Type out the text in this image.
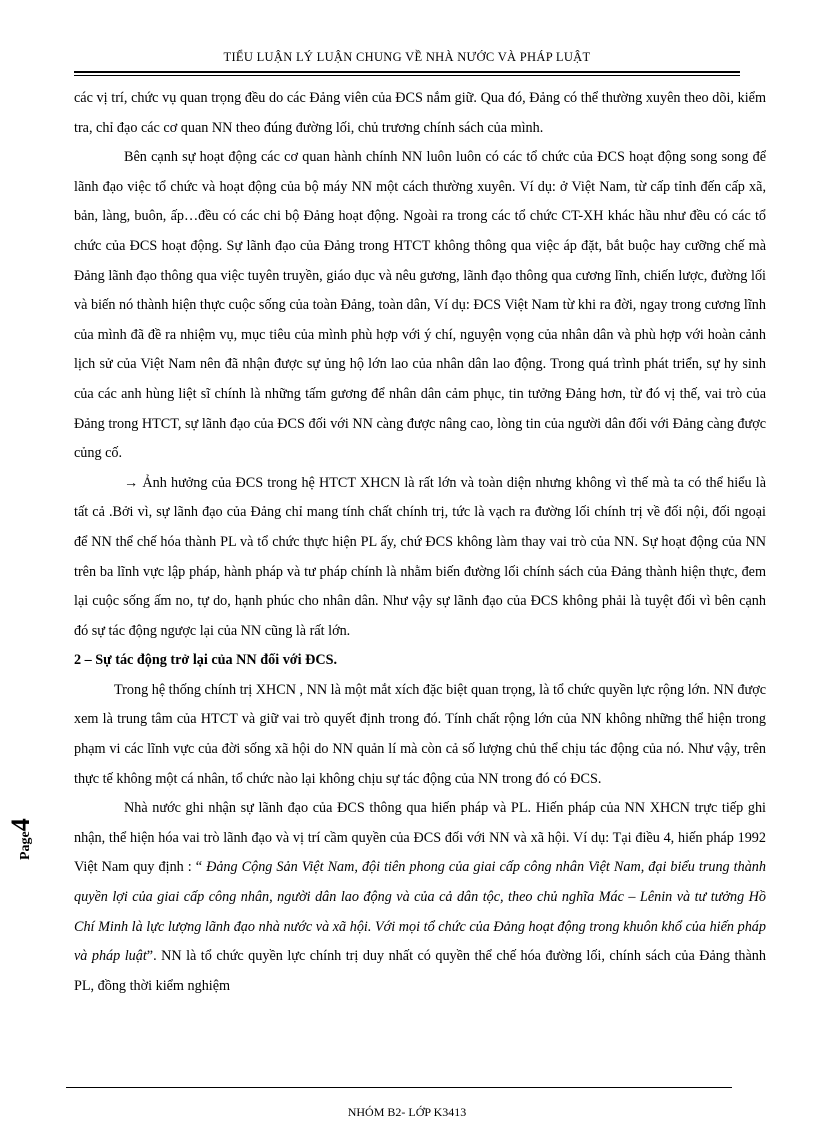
TIỂU LUẬN LÝ LUẬN CHUNG VỀ NHÀ NƯỚC VÀ PHÁP LUẬT

các vị trí, chức vụ quan trọng đều do các Đảng viên của ĐCS nắm giữ. Qua đó, Đảng có thể thường xuyên theo dõi, kiểm tra, chỉ đạo các cơ quan NN theo đúng đường lối, chủ trương chính sách của mình.

Bên cạnh sự hoạt động các cơ quan hành chính NN luôn luôn có các tổ chức của ĐCS hoạt động song song để lãnh đạo việc tổ chức và hoạt động của bộ máy NN một cách thường xuyên. Ví dụ: ở Việt Nam, từ cấp tỉnh đến cấp xã, bản, làng, buôn, ấp…đều có các chi bộ Đảng hoạt động. Ngoài ra trong các tổ chức CT-XH khác hầu như đều có các tổ chức của ĐCS hoạt động. Sự lãnh đạo của Đảng trong HTCT không thông qua việc áp đặt, bắt buộc hay cưỡng chế mà Đảng lãnh đạo thông qua việc tuyên truyền, giáo dục và nêu gương, lãnh đạo thông qua cương lĩnh, chiến lược, đường lối và biến nó thành hiện thực cuộc sống của toàn Đảng, toàn dân, Ví dụ: ĐCS Việt Nam từ khi ra đời, ngay trong cương lĩnh của mình đã đề ra nhiệm vụ, mục tiêu của mình phù hợp với ý chí, nguyện vọng của nhân dân và phù hợp với hoàn cảnh lịch sử của Việt Nam nên đã nhận được sự ủng hộ lớn lao của nhân dân lao động. Trong quá trình phát triển, sự hy sinh của các anh hùng liệt sĩ chính là những tấm gương để nhân dân cảm phục, tin tưởng Đảng hơn, từ đó vị thế, vai trò của Đảng trong HTCT, sự lãnh đạo của ĐCS đối với NN càng được nâng cao, lòng tin của người dân đối với Đảng càng được củng cố.

→ Ảnh hưởng của ĐCS trong hệ HTCT XHCN là rất lớn và toàn diện nhưng không vì thế mà ta có thể hiểu là tất cả .Bởi vì, sự lãnh đạo của Đảng chỉ mang tính chất chính trị, tức là vạch ra đường lối chính trị về đối nội, đối ngoại để NN thể chế hóa thành PL và tổ chức thực hiện PL ấy, chứ ĐCS không làm thay vai trò của NN. Sự hoạt động của NN trên ba lĩnh vực lập pháp, hành pháp và tư pháp chính là nhằm biến đường lối chính sách của Đảng thành hiện thực, đem lại cuộc sống ấm no, tự do, hạnh phúc cho nhân dân. Như vậy sự lãnh đạo của ĐCS không phải là tuyệt đối vì bên cạnh đó sự tác động ngược lại của NN cũng là rất lớn.

2 – Sự tác động trở lại của NN đối với ĐCS.

Trong hệ thống chính trị XHCN , NN là một mắt xích đặc biệt quan trọng, là tổ chức quyền lực rộng lớn. NN được xem là trung tâm của HTCT và giữ vai trò quyết định trong đó. Tính chất rộng lớn của NN không những thể hiện trong phạm vi các lĩnh vực của đời sống xã hội do NN quản lí mà còn cả số lượng chủ thể chịu tác động của nó. Như vậy, trên thực tế không một cá nhân, tổ chức nào lại không chịu sự tác động của NN trong đó có ĐCS.

Nhà nước ghi nhận sự lãnh đạo của ĐCS thông qua hiến pháp và PL. Hiến pháp của NN XHCN trực tiếp ghi nhận, thể hiện hóa vai trò lãnh đạo và vị trí cầm quyền của ĐCS đối với NN và xã hội. Ví dụ: Tại điều 4, hiến pháp 1992 Việt Nam quy định : “ Đảng Cộng Sản Việt Nam, đội tiên phong của giai cấp công nhân Việt Nam, đại biểu trung thành quyền lợi của giai cấp công nhân, người dân lao động và của cả dân tộc, theo chủ nghĩa Mác – Lênin và tư tưởng Hồ Chí Minh là lực lượng lãnh đạo nhà nước và xã hội. Với mọi tổ chức của Đảng hoạt động trong khuôn khổ của hiến pháp và pháp luật”. NN là tổ chức quyền lực chính trị duy nhất có quyền thể chế hóa đường lối, chính sách của Đảng thành PL, đồng thời kiểm nghiệm

Page4
NHÓM B2- LỚP K3413
